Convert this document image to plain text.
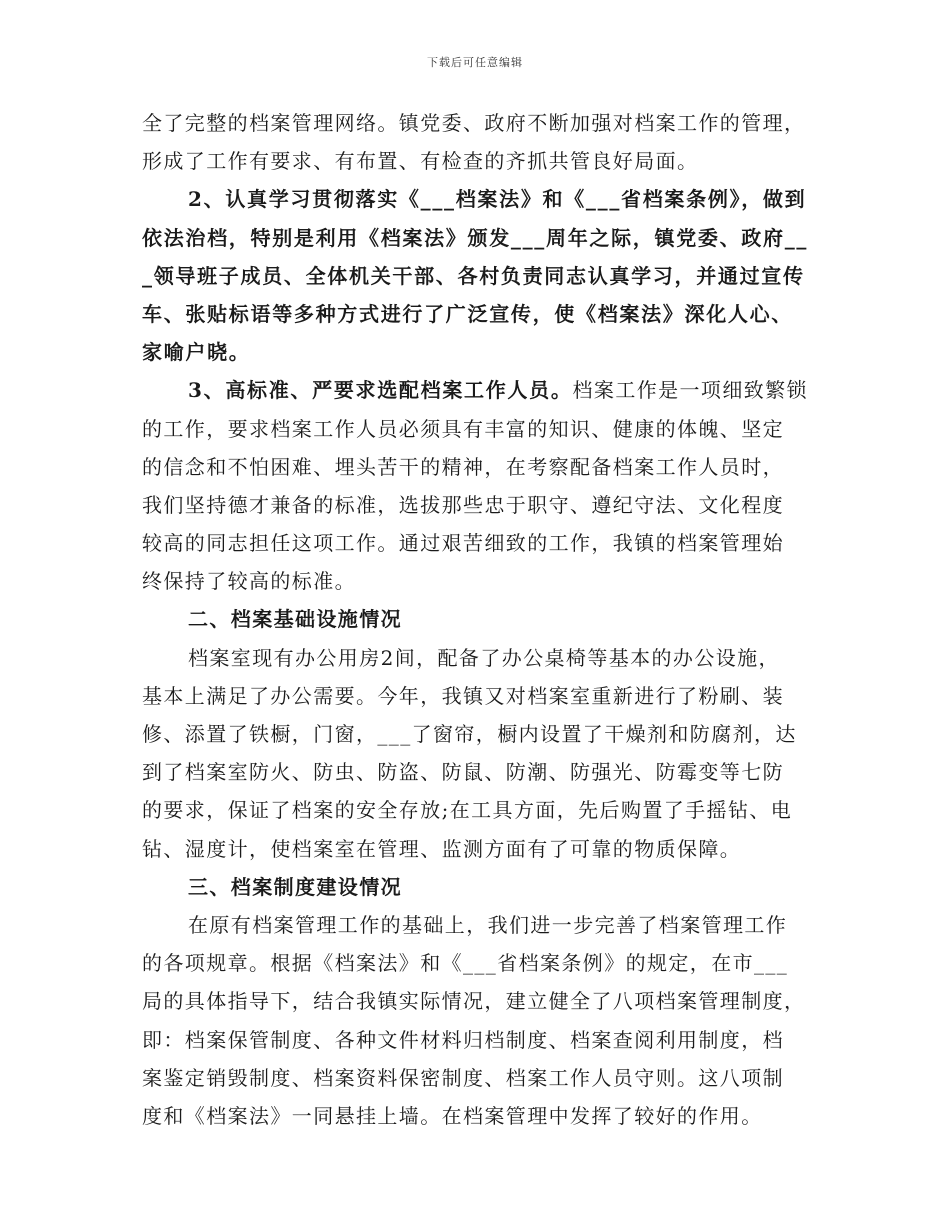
下载后可任意编辑
全了完整的档案管理网络。镇党委、政府不断加强对档案工作的管理，
形成了工作有要求、有布置、有检查的齐抓共管良好局面。
2、认真学习贯彻落实《___档案法》和《___省档案条例》，做到
依法治档，特别是利用《档案法》颁发___周年之际，镇党委、政府__
_领导班子成员、全体机关干部、各村负责同志认真学习，并通过宣传
车、张贴标语等多种方式进行了广泛宣传，使《档案法》深化人心、
家喻户晓。
3、高标准、严要求选配档案工作人员。档案工作是一项细致繁锁
的工作，要求档案工作人员必须具有丰富的知识、健康的体魄、坚定
的信念和不怕困难、埋头苦干的精神，在考察配备档案工作人员时，
我们坚持德才兼备的标准，选拔那些忠于职守、遵纪守法、文化程度
较高的同志担任这项工作。通过艰苦细致的工作，我镇的档案管理始
终保持了较高的标准。
二、档案基础设施情况
档案室现有办公用房2间，配备了办公桌椅等基本的办公设施，
基本上满足了办公需要。今年，我镇又对档案室重新进行了粉刷、装
修、添置了铁橱，门窗，___了窗帘，橱内设置了干燥剂和防腐剂，达
到了档案室防火、防虫、防盗、防鼠、防潮、防强光、防霉变等七防
的要求，保证了档案的安全存放;在工具方面，先后购置了手摇钻、电
钻、湿度计，使档案室在管理、监测方面有了可靠的物质保障。
三、档案制度建设情况
在原有档案管理工作的基础上，我们进一步完善了档案管理工作
的各项规章。根据《档案法》和《___省档案条例》的规定，在市___
局的具体指导下，结合我镇实际情况，建立健全了八项档案管理制度，
即：档案保管制度、各种文件材料归档制度、档案查阅利用制度，档
案鉴定销毁制度、档案资料保密制度、档案工作人员守则。这八项制
度和《档案法》一同悬挂上墙。在档案管理中发挥了较好的作用。
